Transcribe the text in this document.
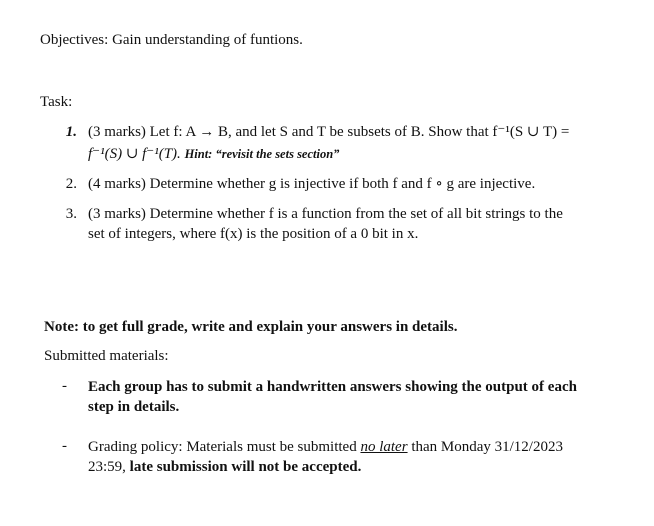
Objectives: Gain understanding of funtions.
Task:
1. (3 marks) Let f: A → B, and let S and T be subsets of B. Show that f⁻¹(S ∪ T) =
f⁻¹(S) ∪ f⁻¹(T). Hint: “revisit the sets section”
2. (4 marks) Determine whether g is injective if both f and f ∘ g are injective.
3. (3 marks) Determine whether f is a function from the set of all bit strings to the
set of integers, where f(x) is the position of a 0 bit in x.
Note: to get full grade, write and explain your answers in details.
Submitted materials:
- Each group has to submit a handwritten answers showing the output of each
step in details.
- Grading policy: Materials must be submitted no later than Monday 31/12/2023
23:59, late submission will not be accepted.
